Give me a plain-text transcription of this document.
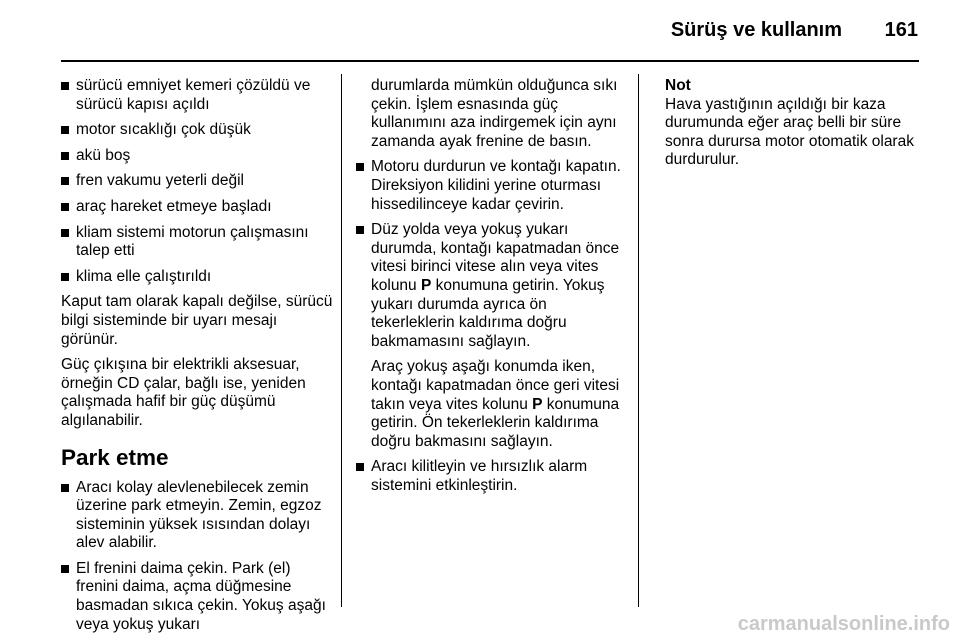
Sürüş ve kullanım 161
sürücü emniyet kemeri çözüldü ve sürücü kapısı açıldı
motor sıcaklığı çok düşük
akü boş
fren vakumu yeterli değil
araç hareket etmeye başladı
kliam sistemi motorun çalışmasını talep etti
klima elle çalıştırıldı

Kaput tam olarak kapalı değilse, sürücü bilgi sisteminde bir uyarı mesajı görünür.

Güç çıkışına bir elektrikli aksesuar, örneğin CD çalar, bağlı ise, yeniden çalışmada hafif bir güç düşümü algılanabilir.

Park etme
Aracı kolay alevlenebilecek zemin üzerine park etmeyin. Zemin, egzoz sisteminin yüksek ısısından dolayı alev alabilir.
El frenini daima çekin. Park (el) frenini daima, açma düğmesine basmadan sıkıca çekin. Yokuş aşağı veya yokuş yukarı
durumlarda mümkün olduğunca sıkı çekin. İşlem esnasında güç kullanımını aza indirgemek için aynı zamanda ayak frenine de basın.
Motoru durdurun ve kontağı kapatın. Direksiyon kilidini yerine oturması hissedilinceye kadar çevirin.
Düz yolda veya yokuş yukarı durumda, kontağı kapatmadan önce vitesi birinci vitese alın veya vites kolunu P konumuna getirin. Yokuş yukarı durumda ayrıca ön tekerleklerin kaldırıma doğru bakmamasını sağlayın.
Araç yokuş aşağı konumda iken, kontağı kapatmadan önce geri vitesi takın veya vites kolunu P konumuna getirin. Ön tekerleklerin kaldırıma doğru bakmasını sağlayın.
Aracı kilitleyin ve hırsızlık alarm sistemini etkinleştirin.
Not
Hava yastığının açıldığı bir kaza durumunda eğer araç belli bir süre sonra durursa motor otomatik olarak durdurulur.
carmanualsonline.info
